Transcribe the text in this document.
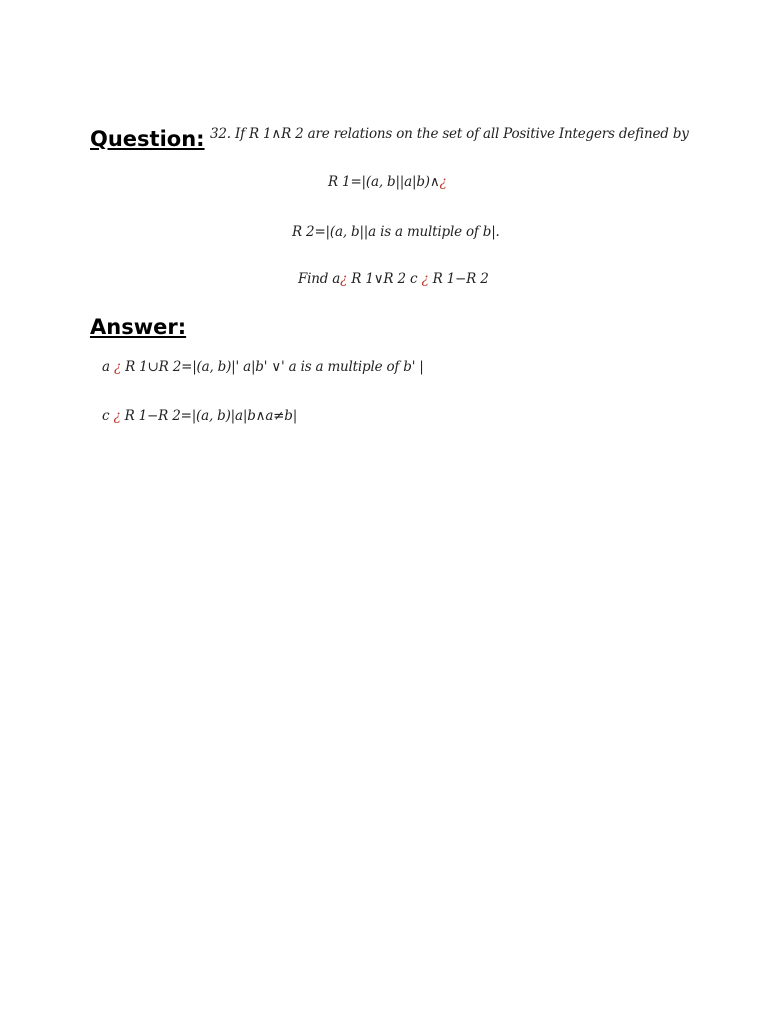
Question: 32. If R 1∧R 2 are relations on the set of all Positive Integers defined by
R 1=|(a, b||a|b)∧¿
R 2=|(a, b||a is a multiple of b|.
Find a¿ R 1∨R 2 c ¿ R 1−R 2
Answer:
a ¿ R 1∪R 2=|(a, b)|' a|b' ∨' a is a multiple of b' |
c ¿ R 1−R 2=|(a, b)|a|b∧a≠b|
